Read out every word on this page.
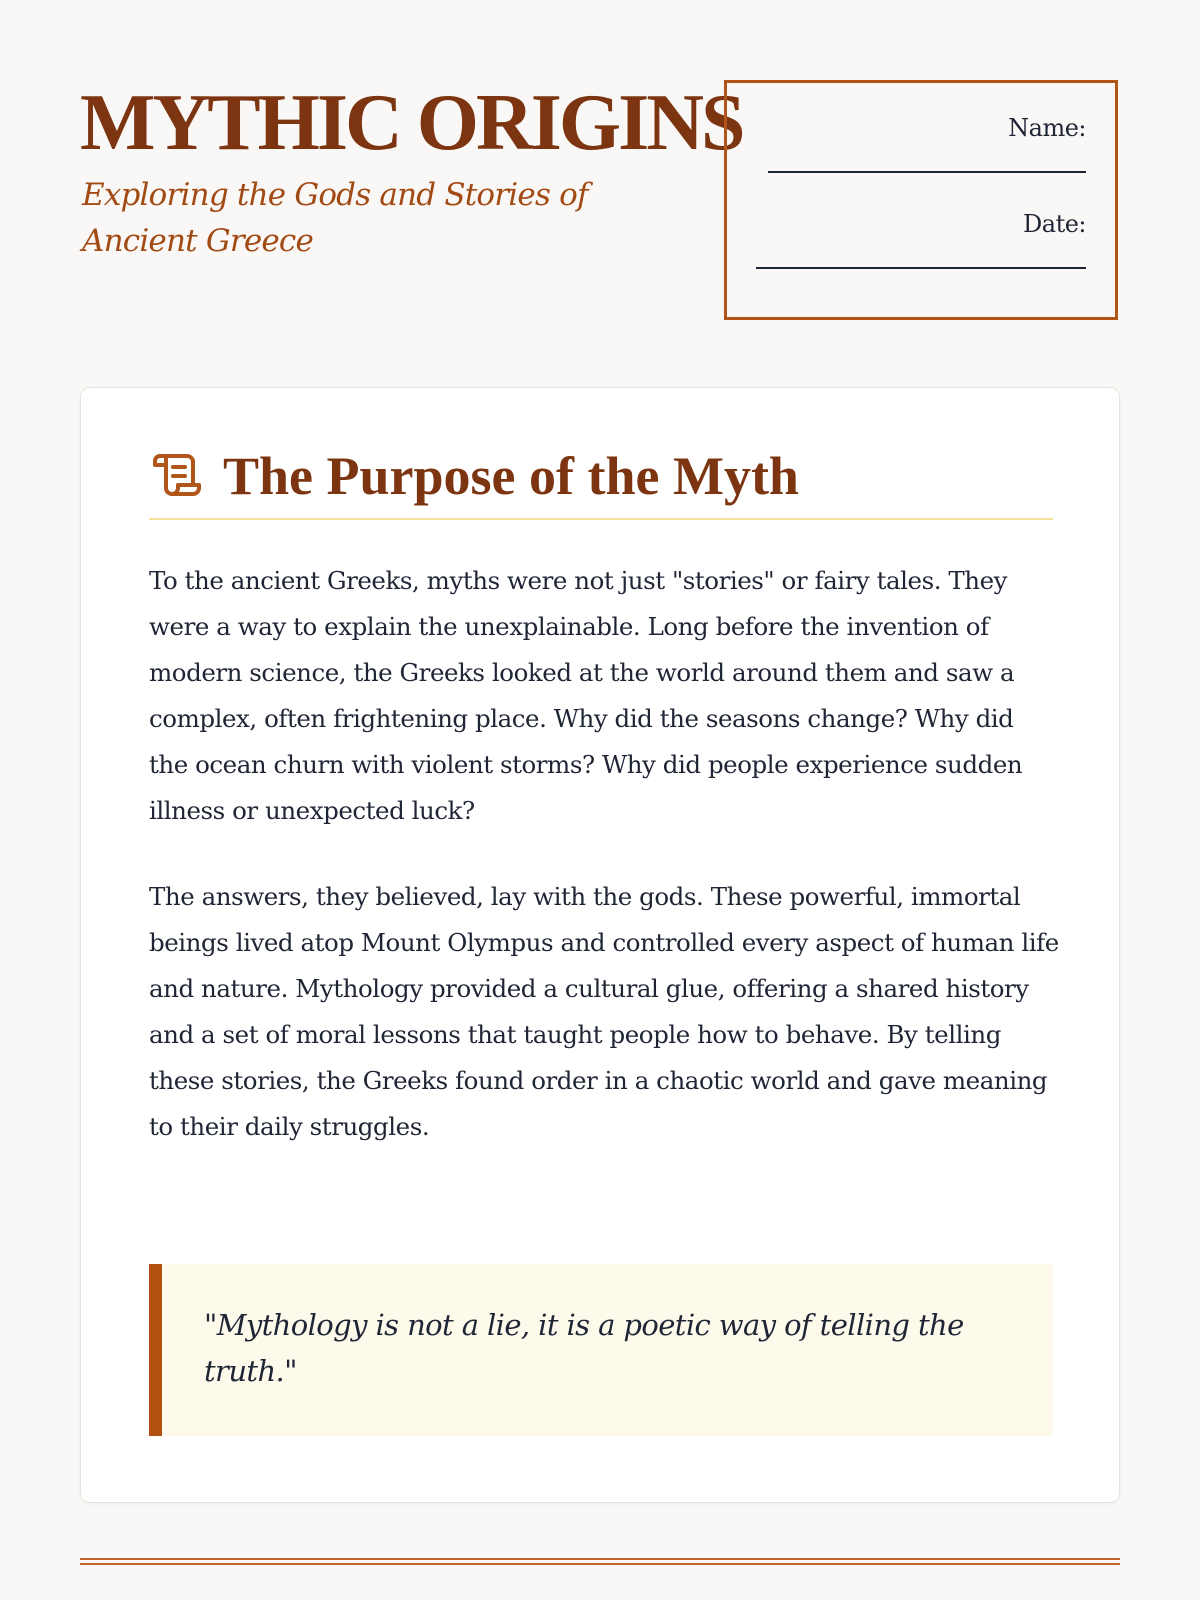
MYTHIC ORIGINS

Exploring the Gods and Stories of Ancient Greece

Name:
Date:
The Purpose of the Myth

To the ancient Greeks, myths were not just "stories" or fairy tales. They were a way to explain the unexplainable. Long before the invention of modern science, the Greeks looked at the world around them and saw a complex, often frightening place. Why did the seasons change? Why did the ocean churn with violent storms? Why did people experience sudden illness or unexpected luck?

The answers, they believed, lay with the gods. These powerful, immortal beings lived atop Mount Olympus and controlled every aspect of human life and nature. Mythology provided a cultural glue, offering a shared history and a set of moral lessons that taught people how to behave. By telling these stories, the Greeks found order in a chaotic world and gave meaning to their daily struggles.

"Mythology is not a lie, it is a poetic way of telling the truth."
